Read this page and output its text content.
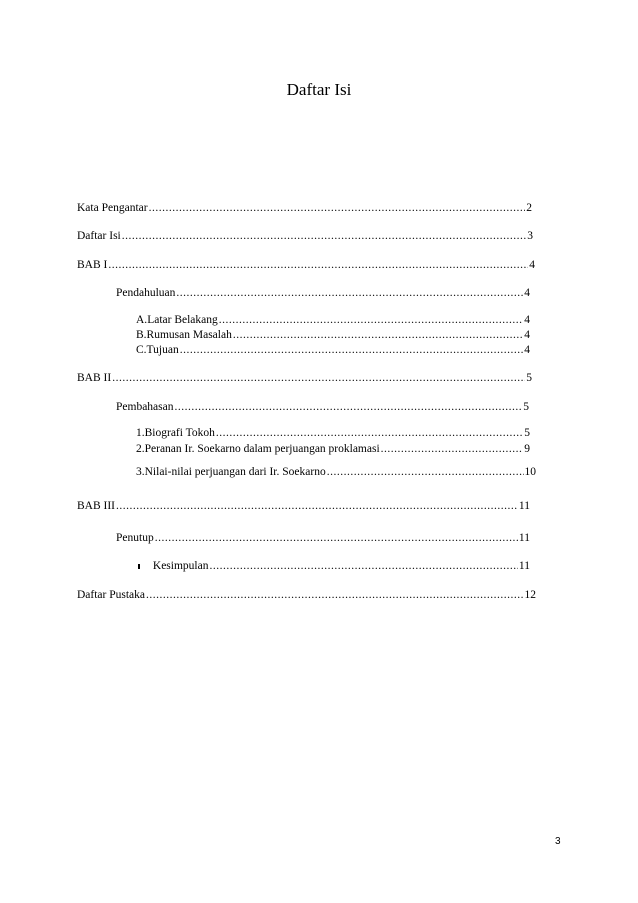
Daftar Isi
Kata Pengantar .....	2
Daftar Isi .....	3
BAB I .....	4
Pendahuluan .....	4
A. Latar Belakang .....	4
B. Rumusan Masalah .....	4
C. Tujuan .....	4
BAB II .....	5
Pembahasan .....	5
1. Biografi Tokoh .....	5
2. Peranan Ir. Soekarno dalam perjuangan proklamasi .....	9
3. Nilai-nilai perjuangan dari Ir. Soekarno .....	10
BAB III .....	11
Penutup .....	11
Kesimpulan .....	11
Daftar Pustaka .....	12
3
